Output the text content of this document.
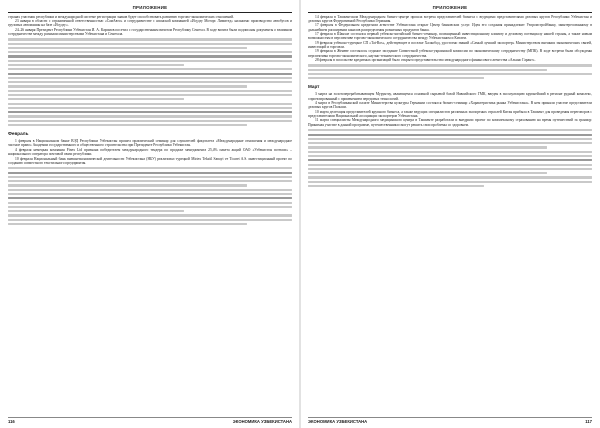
ПРИЛОЖЕНИЕ

странах участник республики и международной системе регистрации знаков будет способствовать развитию торгово-экономических отношений.

23 января в области с ограниченной ответственностью «СамАвто» и сотрудничестве с японской компанией «Исудзу Моторс Лимитед» налажено производство автобусов и грузовых автомашин на базе «Исудзу».

24–26 января Президент Республики Узбекистан И. А. Каримов посетил с государственным визитом Республику Сенегал. В ходе визита были подписаны документы о взаимном сотрудничестве между разными министерствами Узбекистана и Сенегала.

Февраль

1 февраля в Национальном банке ВЭД Республики Узбекистан прошел практический семинар для слушателей факультета «Международные отношения и международное частное право» Академии государственного и общественного строительства при Президенте Республики Узбекистан.

4 февраля немецкая компания Finex Ltd признана победителем международного тендера по продаже менеджмента 25,4% пакета акций ОАО «Узбекистон почтаси» – национального оператора почтовой связи республики.

10 февраля Национальный банк внешнеэкономической деятельности Узбекистана (НБУ) реализовал турецкой Mirtex Tekstil Sanayi ve Ticaret A.S. инвестиционный проект по созданию совместного текстильного предприятия.

116	ЭКОНОМИКА УЗБЕКИСТАНА
ПРИЛОЖЕНИЕ

14 февраля в Ташкентском Международном бизнес-центре прошла встреча представителей бизнеса с ведущими представителями деловых кругов Республики Узбекистан и деловых кругов Федеративной Республики Германия.

17 февраля в Федеральном кредитном агентстве Узбекистана открыт Центр банковских услуг. Идея его создания принадлежит Узпромстройбанку, заинтересованному в дальнейшем расширении каналов распределения розничных продуктов банка.

17 февраля в Шанхае состоялся первый узбекско-китайский бизнес-семинар, посвященный инвестиционному климату и деловому потенциалу нашей страны, а также новым возможностям в перспективе торгово-экономического сотрудничества между Узбекистаном и Китаем.

19 февраля узбекско-турецкое СП «Tat-Ros», действующее в поселке Халкобод, удостоено званий «Самый лучший экспортер» Министерством внешних экономических связей, инвестиций и торговли.

19 февраля в Женеве состоялось седьмое заседание Совместной узбекско-украинской комиссии по экономическому сотрудничеству (МПК). В ходе встречи были обсуждены перспективы торгово-экономического, научно-технического сотрудничества.

28 февраля в посольстве кредитных организаций было открыто представительство международного финансового агентства «Альянс Гарант».

Март

3 марта на золотоперерабатывающем Мурунтау, являющемся основной сырьевой базой Навоийского ГМК, введен в эксплуатацию крупнейший в регионе рудный комплекс, спроектированный с применением передовых технологий.

4 марта в Республиканской палате Министерства культуры Германии состоялся бизнес-семинар «Характеристика рынка Узбекистана». В нем приняли участие представители деловых кругов Польши.

10 марта делегация представителей крупного бизнеса, а также ведущих специалистов различных экспортных отраслей Китая прибыла в Ташкент для проведения переговоров с представителями Национальной ассоциации экспортеров Узбекистана.

11 марта специалисты Международного медицинского центра в Ташкенте разработали и внедрили проект по комплексному страхованию на время путешествий за границу. Принимая участие в данной программе, путешественники смогут решить свои проблемы со здоровьем.

ЭКОНОМИКА УЗБЕКИСТАНА	117
